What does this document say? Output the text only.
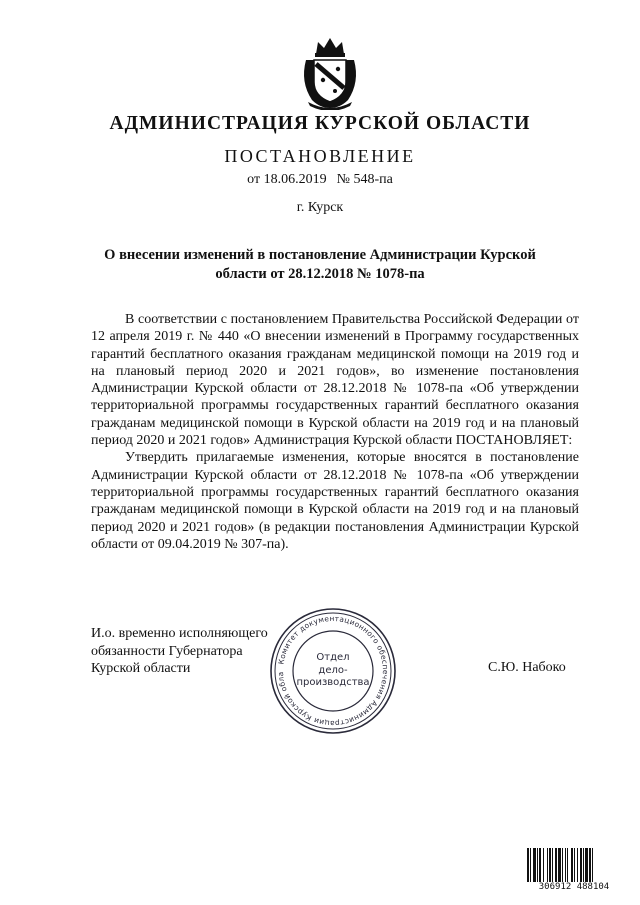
АДМИНИСТРАЦИЯ КУРСКОЙ ОБЛАСТИ
ПОСТАНОВЛЕНИЕ
от 18.06.2019 № 548-па
г. Курск
О внесении изменений в постановление Администрации Курской
области от 28.12.2018 № 1078-па

В соответствии с постановлением Правительства Российской Федерации от 12 апреля 2019 г. № 440 «О внесении изменений в Программу государственных гарантий бесплатного оказания гражданам медицинской помощи на 2019 год и на плановый период 2020 и 2021 годов», во изменение постановления Администрации Курской области от 28.12.2018 № 1078-па «Об утверждении территориальной программы государственных гарантий бесплатного оказания гражданам медицинской помощи в Курской области на 2019 год и на плановый период 2020 и 2021 годов» Администрация Курской области ПОСТАНОВЛЯЕТ:

Утвердить прилагаемые изменения, которые вносятся в постановление Администрации Курской области от 28.12.2018 № 1078-па «Об утверждении территориальной программы государственных гарантий бесплатного оказания гражданам медицинской помощи в Курской области на 2019 год и на плановый период 2020 и 2021 годов» (в редакции постановления Администрации Курской области от 09.04.2019 № 307-па).

И.о. временно исполняющего
обязанности Губернатора
Курской области	С.Ю. Набоко
Комитет документационного обеспечения Администрации Курской обла
Отдел
дело-
производства
306912 488104
